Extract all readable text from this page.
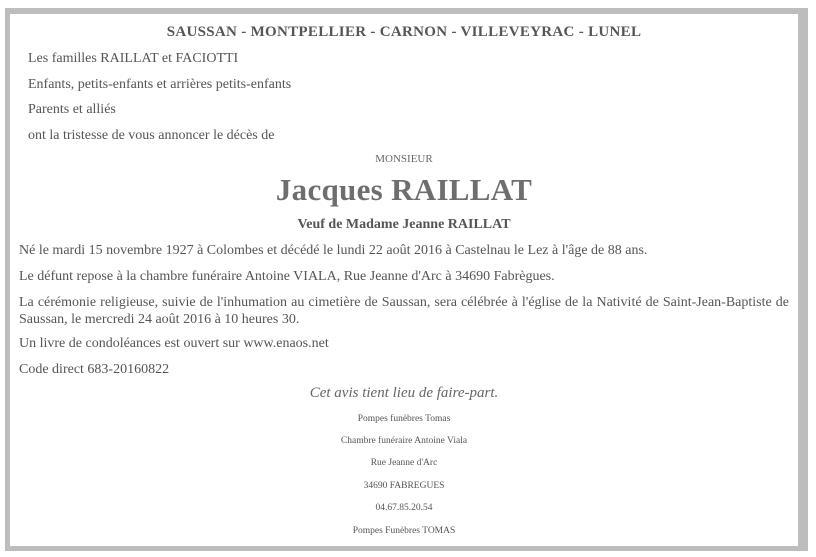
SAUSSAN - MONTPELLIER - CARNON - VILLEVEYRAC - LUNEL
Les familles RAILLAT et FACIOTTI
Enfants, petits-enfants et arrières petits-enfants
Parents et alliés
ont la tristesse de vous annoncer le décès de
MONSIEUR
Jacques RAILLAT
Veuf de Madame Jeanne RAILLAT
Né le mardi 15 novembre 1927 à Colombes et décédé le lundi 22 août 2016 à Castelnau le Lez à l'âge de 88 ans.
Le défunt repose à la chambre funéraire Antoine VIALA, Rue Jeanne d'Arc à 34690 Fabrègues.
La cérémonie religieuse, suivie de l'inhumation au cimetière de Saussan, sera célébrée à l'église de la Nativité de Saint-Jean-Baptiste de Saussan, le mercredi 24 août 2016 à 10 heures 30.
Un livre de condoléances est ouvert sur www.enaos.net
Code direct 683-20160822
Cet avis tient lieu de faire-part.
Pompes funèbres Tomas
Chambre funéraire Antoine Viala
Rue Jeanne d'Arc
34690 FABREGUES
04.67.85.20.54
Pompes Funèbres TOMAS
